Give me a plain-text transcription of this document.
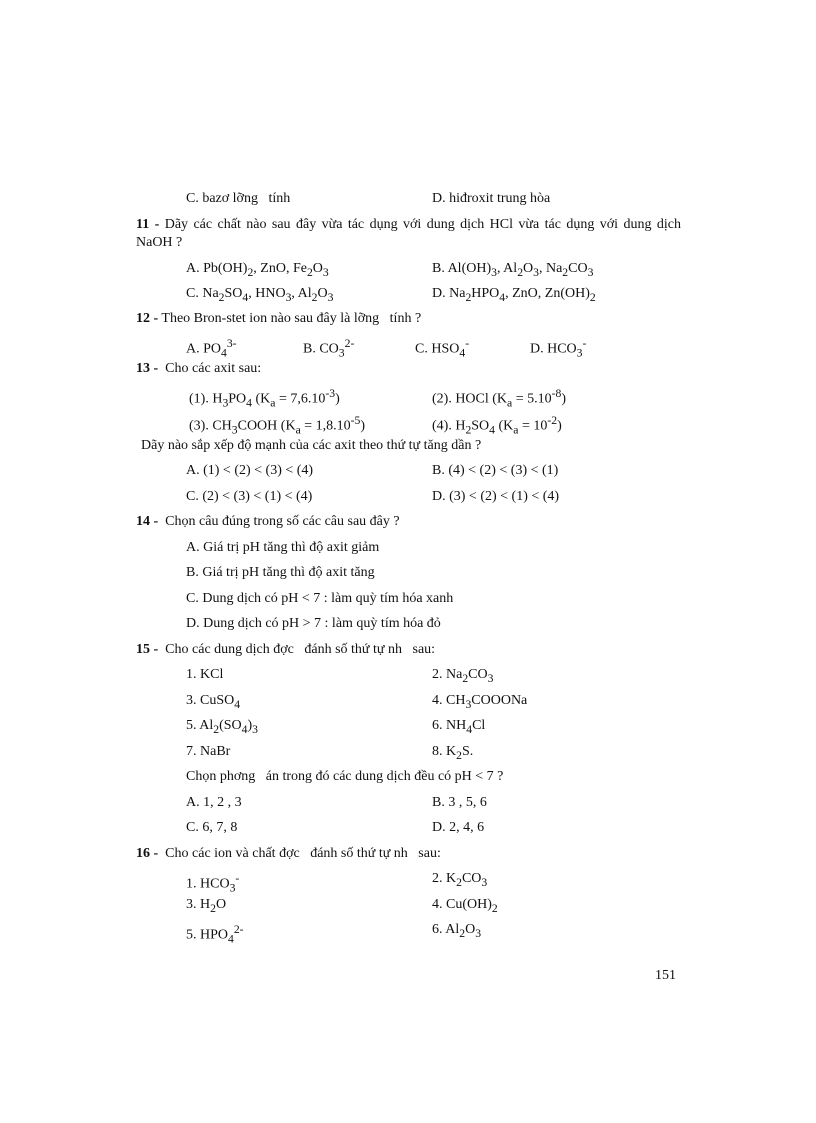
151
C. bazơ lỡng   tính	D. hiđroxit trung hòa
11 - Dãy các chất nào sau đây vừa tác dụng với dung dịch HCl vừa tác dụng với dung dịch NaOH ?
A. $Pb(OH)_2$, ZnO, $Fe_2O_3$	B. $Al(OH)_3$, $Al_2O_3$, $Na_2CO_3$
C. $Na_2SO_4$, $HNO_3$, $Al_2O_3$	D. $Na_2HPO_4$, ZnO, $Zn(OH)_2$
12 - Theo Bron-stet ion nào sau đây là lỡng   tính ?
A. $PO_4^{3-}$	B. $CO_3^{2-}$	C. $HSO_4^-$	D. $HCO_3^-$
13 -  Cho các axit sau:
(1). $H_3PO_4$ $(K_a = 7,6.10^{-3})$	(2). HOCl $(K_a = 5.10^{-8})$
(3). $CH_3COOH$ $(K_a = 1,8.10^{-5})$	(4). $H_2SO_4$ $(K_a = 10^{-2})$
Dãy nào sắp xếp độ mạnh của các axit theo thứ tự tăng dần ?
A. (1) < (2) < (3) < (4)	B. (4) < (2) < (3) < (1)
C. (2) < (3) < (1) < (4)	D. (3) < (2) < (1) < (4)
14 -  Chọn câu đúng trong số các câu sau đây ?
A. Giá trị pH tăng thì độ axit giảm
B. Giá trị pH tăng thì độ axit tăng
C. Dung dịch có pH < 7 : làm quỳ tím hóa xanh
D. Dung dịch có pH > 7 : làm quỳ tím hóa đỏ
15 -  Cho các dung dịch đợc   đánh số thứ tự nh   sau:
1. KCl	2. $Na_2CO_3$
3. CuSO$_4$	4. $CH_3COOONa$
5. $Al_2(SO_4)_3$	6. $NH_4Cl$
7. NaBr	8. $K_2S$.
Chọn phơng   án trong đó các dung dịch đều có pH < 7 ?
A. 1, 2 , 3	B. 3 , 5, 6
C. 6, 7, 8	D. 2, 4, 6
16 -  Cho các ion và chất đợc   đánh số thứ tự nh   sau:
1. $HCO_3^-$	2. $K_2CO_3$
3. $H_2O$	4. $Cu(OH)_2$
5. $HPO_4^{2-}$	6. $Al_2O_3$
